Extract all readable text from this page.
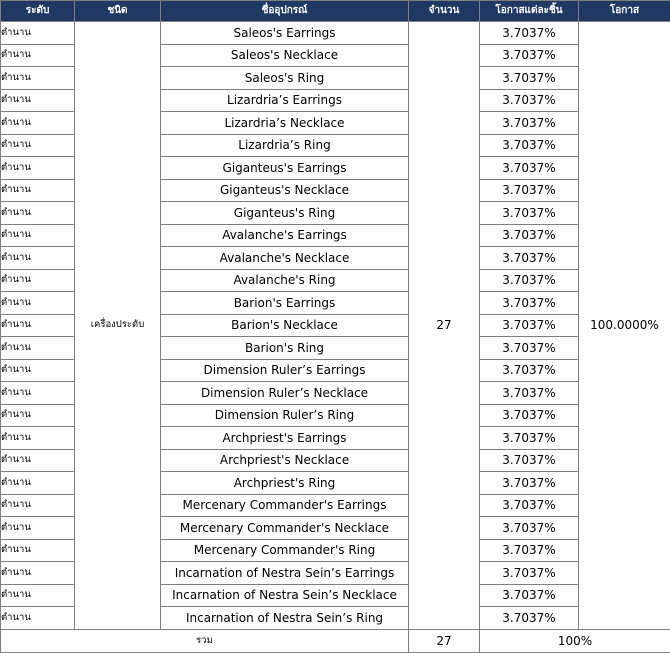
ระดับ	ชนิด	ชื่ออุปกรณ์	จำนวน	โอกาสแต่ละชิ้น	โอกาส
ตำนาน	เครื่องประดับ	Saleos's Earrings	27	3.7037%	100.0000%
ตำนาน		Saleos's Necklace		3.7037%	
ตำนาน		Saleos's Ring		3.7037%	
ตำนาน		Lizardria’s Earrings		3.7037%	
ตำนาน		Lizardria’s Necklace		3.7037%	
ตำนาน		Lizardria’s Ring		3.7037%	
ตำนาน		Giganteus's Earrings		3.7037%	
ตำนาน		Giganteus's Necklace		3.7037%	
ตำนาน		Giganteus's Ring		3.7037%	
ตำนาน		Avalanche's Earrings		3.7037%	
ตำนาน		Avalanche's Necklace		3.7037%	
ตำนาน		Avalanche's Ring		3.7037%	
ตำนาน		Barion's Earrings		3.7037%	
ตำนาน		Barion's Necklace		3.7037%	
ตำนาน		Barion's Ring		3.7037%	
ตำนาน		Dimension Ruler’s Earrings		3.7037%	
ตำนาน		Dimension Ruler’s Necklace		3.7037%	
ตำนาน		Dimension Ruler’s Ring		3.7037%	
ตำนาน		Archpriest's Earrings		3.7037%	
ตำนาน		Archpriest's Necklace		3.7037%	
ตำนาน		Archpriest's Ring		3.7037%	
ตำนาน		Mercenary Commander's Earrings		3.7037%	
ตำนาน		Mercenary Commander's Necklace		3.7037%	
ตำนาน		Mercenary Commander's Ring		3.7037%	
ตำนาน		Incarnation of Nestra Sein’s Earrings		3.7037%	
ตำนาน		Incarnation of Nestra Sein’s Necklace		3.7037%	
ตำนาน		Incarnation of Nestra Sein’s Ring		3.7037%	
รวม			27	100%	
